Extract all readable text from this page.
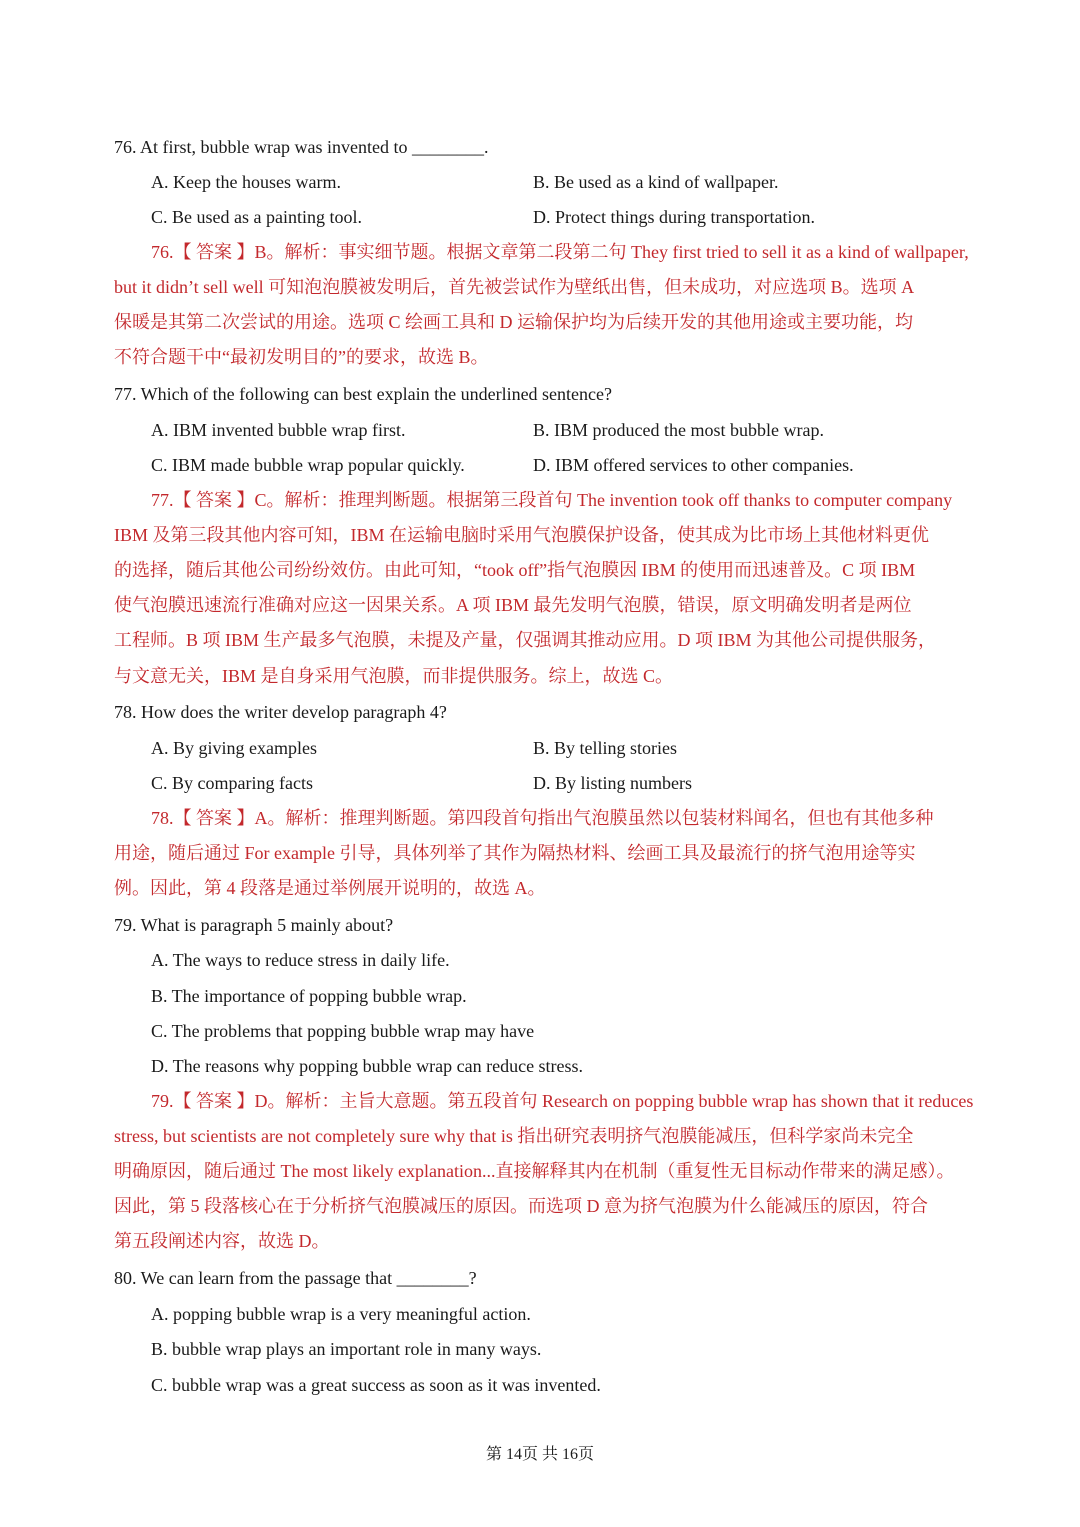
76. At first, bubble wrap was invented to ________.
A. Keep the houses warm.	B. Be used as a kind of wallpaper.
C. Be used as a painting tool.	D. Protect things during transportation.
76.【 答案 】B。解析：事实细节题。根据文章第二段第二句 They first tried to sell it as a kind of wallpaper,
but it didn’t sell well 可知泡泡膜被发明后，首先被尝试作为壁纸出售，但未成功，对应选项 B。选项 A
保暖是其第二次尝试的用途。选项 C 绘画工具和 D 运输保护均为后续开发的其他用途或主要功能，均
不符合题干中“最初发明目的”的要求，故选 B。
77. Which of the following can best explain the underlined sentence?
A. IBM invented bubble wrap first.	B. IBM produced the most bubble wrap.
C. IBM made bubble wrap popular quickly.	D. IBM offered services to other companies.
77.【 答案 】C。解析：推理判断题。根据第三段首句 The invention took off thanks to computer company
IBM 及第三段其他内容可知，IBM 在运输电脑时采用气泡膜保护设备，使其成为比市场上其他材料更优
的选择，随后其他公司纷纷效仿。由此可知，“took off”指气泡膜因 IBM 的使用而迅速普及。C 项 IBM
使气泡膜迅速流行准确对应这一因果关系。A 项 IBM 最先发明气泡膜，错误，原文明确发明者是两位
工程师。B 项 IBM 生产最多气泡膜，未提及产量，仅强调其推动应用。D 项 IBM 为其他公司提供服务，
与文意无关，IBM 是自身采用气泡膜，而非提供服务。综上，故选 C。
78. How does the writer develop paragraph 4?
A. By giving examples	B. By telling stories
C. By comparing facts	D. By listing numbers
78.【 答案 】A。解析：推理判断题。第四段首句指出气泡膜虽然以包装材料闻名，但也有其他多种
用途，随后通过 For example 引导，具体列举了其作为隔热材料、绘画工具及最流行的挤气泡用途等实
例。因此，第 4 段落是通过举例展开说明的，故选 A。
79. What is paragraph 5 mainly about?
A. The ways to reduce stress in daily life.
B. The importance of popping bubble wrap.
C. The problems that popping bubble wrap may have
D. The reasons why popping bubble wrap can reduce stress.
79.【 答案 】D。解析：主旨大意题。第五段首句 Research on popping bubble wrap has shown that it reduces
stress, but scientists are not completely sure why that is 指出研究表明挤气泡膜能减压，但科学家尚未完全
明确原因，随后通过 The most likely explanation...直接解释其内在机制（重复性无目标动作带来的满足感）。
因此，第 5 段落核心在于分析挤气泡膜减压的原因。而选项 D 意为挤气泡膜为什么能减压的原因，符合
第五段阐述内容，故选 D。
80. We can learn from the passage that ________?
A. popping bubble wrap is a very meaningful action.
B. bubble wrap plays an important role in many ways.
C. bubble wrap was a great success as soon as it was invented.
第 14页 共 16页
